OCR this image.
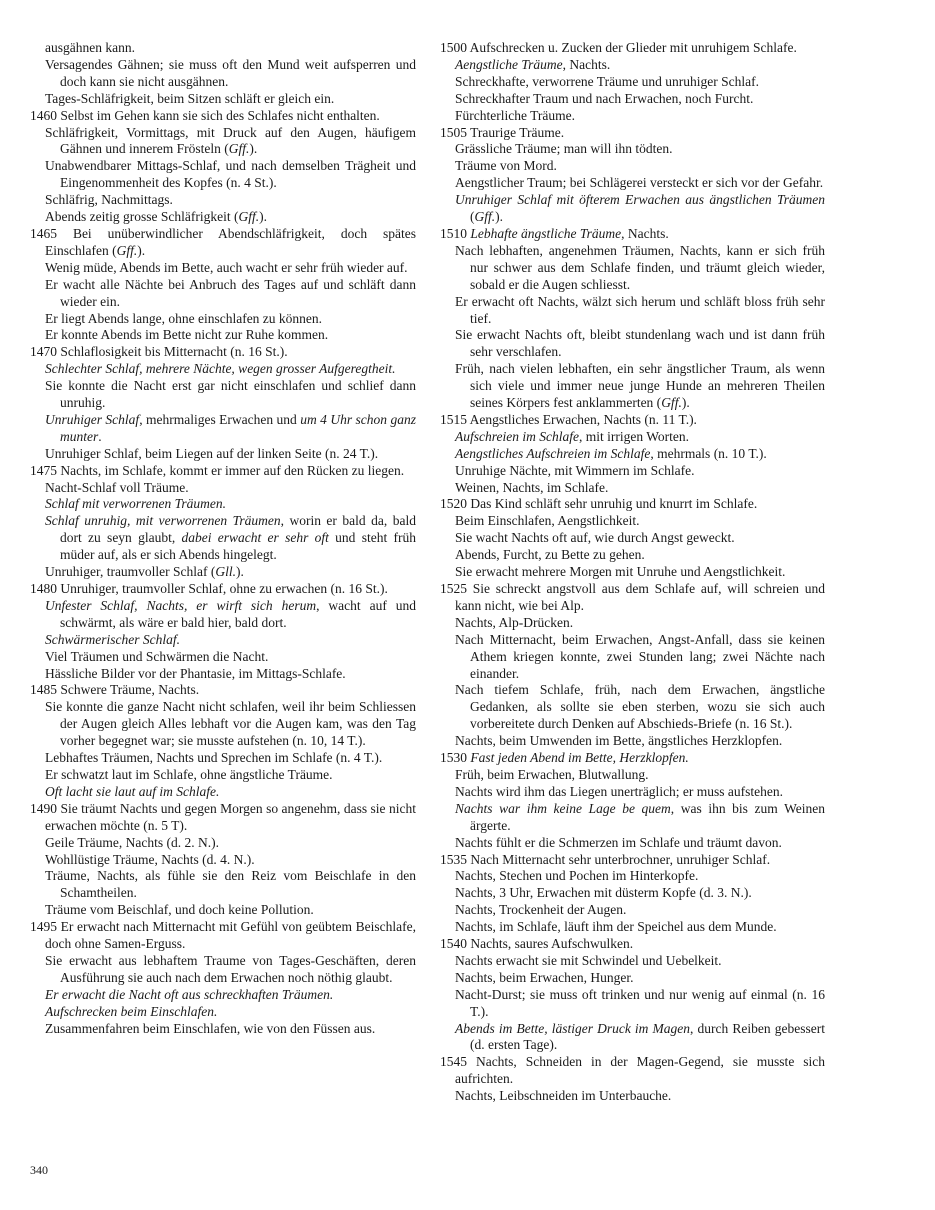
ausgähnen kann.

Versagendes Gähnen; sie muss oft den Mund weit aufsperren und doch kann sie nicht ausgähnen.

Tages-Schläfrigkeit, beim Sitzen schläft er gleich ein.

1460 Selbst im Gehen kann sie sich des Schlafes nicht enthalten.

Schläfrigkeit, Vormittags, mit Druck auf den Augen, häufigem Gähnen und innerem Frösteln (Gff.).

Unabwendbarer Mittags-Schlaf, und nach demselben Trägheit und Eingenommenheit des Kopfes (n. 4 St.).

Schläfrig, Nachmittags.

Abends zeitig grosse Schläfrigkeit (Gff.).

1465 Bei unüberwindlicher Abendschläfrigkeit, doch spätes Einschlafen (Gff.).

Wenig müde, Abends im Bette, auch wacht er sehr früh wieder auf.

Er wacht alle Nächte bei Anbruch des Tages auf und schläft dann wieder ein.

Er liegt Abends lange, ohne einschlafen zu können.

Er konnte Abends im Bette nicht zur Ruhe kommen.

1470 Schlaflosigkeit bis Mitternacht (n. 16 St.).

Schlechter Schlaf, mehrere Nächte, wegen grosser Aufgeregtheit.

Sie konnte die Nacht erst gar nicht einschlafen und schlief dann unruhig.

Unruhiger Schlaf, mehrmaliges Erwachen und um 4 Uhr schon ganz munter.

Unruhiger Schlaf, beim Liegen auf der linken Seite (n. 24 T.).

1475 Nachts, im Schlafe, kommt er immer auf den Rücken zu liegen.

Nacht-Schlaf voll Träume.

Schlaf mit verworrenen Träumen.

Schlaf unruhig, mit verworrenen Träumen, worin er bald da, bald dort zu seyn glaubt, dabei erwacht er sehr oft und steht früh müder auf, als er sich Abends hingelegt.

Unruhiger, traumvoller Schlaf (Gll.).

1480 Unruhiger, traumvoller Schlaf, ohne zu erwachen (n. 16 St.).

Unfester Schlaf, Nachts, er wirft sich herum, wacht auf und schwärmt, als wäre er bald hier, bald dort.

Schwärmerischer Schlaf.

Viel Träumen und Schwärmen die Nacht.

Hässliche Bilder vor der Phantasie, im Mittags-Schlafe.

1485 Schwere Träume, Nachts.

Sie konnte die ganze Nacht nicht schlafen, weil ihr beim Schliessen der Augen gleich Alles lebhaft vor die Augen kam, was den Tag vorher begegnet war; sie musste aufstehen (n. 10, 14 T.).

Lebhaftes Träumen, Nachts und Sprechen im Schlafe (n. 4 T.).

Er schwatzt laut im Schlafe, ohne ängstliche Träume.

Oft lacht sie laut auf im Schlafe.

1490 Sie träumt Nachts und gegen Morgen so angenehm, dass sie nicht erwachen möchte (n. 5 T).

Geile Träume, Nachts (d. 2. N.).

Wohllüstige Träume, Nachts (d. 4. N.).

Träume, Nachts, als fühle sie den Reiz vom Beischlafe in den Schamtheilen.

Träume vom Beischlaf, und doch keine Pollution.

1495 Er erwacht nach Mitternacht mit Gefühl von geübtem Beischlafe, doch ohne Samen-Erguss.

Sie erwacht aus lebhaftem Traume von Tages-Geschäften, deren Ausführung sie auch nach dem Erwachen noch nöthig glaubt.

Er erwacht die Nacht oft aus schreckhaften Träumen.

Aufschrecken beim Einschlafen.

Zusammenfahren beim Einschlafen, wie von den Füssen aus.

1500 Aufschrecken u. Zucken der Glieder mit unruhigem Schlafe.

Aengstliche Träume, Nachts.

Schreckhafte, verworrene Träume und unruhiger Schlaf.

Schreckhafter Traum und nach Erwachen, noch Furcht.

Fürchterliche Träume.

1505 Traurige Träume.

Grässliche Träume; man will ihn tödten.

Träume von Mord.

Aengstlicher Traum; bei Schlägerei versteckt er sich vor der Gefahr.

Unruhiger Schlaf mit öfterem Erwachen aus ängstlichen Träumen (Gff.).

1510 Lebhafte ängstliche Träume, Nachts.

Nach lebhaften, angenehmen Träumen, Nachts, kann er sich früh nur schwer aus dem Schlafe finden, und träumt gleich wieder, sobald er die Augen schliesst.

Er erwacht oft Nachts, wälzt sich herum und schläft bloss früh sehr tief.

Sie erwacht Nachts oft, bleibt stundenlang wach und ist dann früh sehr verschlafen.

Früh, nach vielen lebhaften, ein sehr ängstlicher Traum, als wenn sich viele und immer neue junge Hunde an mehreren Theilen seines Körpers fest anklammerten (Gff.).

1515 Aengstliches Erwachen, Nachts (n. 11 T.).

Aufschreien im Schlafe, mit irrigen Worten.

Aengstliches Aufschreien im Schlafe, mehrmals (n. 10 T.).

Unruhige Nächte, mit Wimmern im Schlafe.

Weinen, Nachts, im Schlafe.

1520 Das Kind schläft sehr unruhig und knurrt im Schlafe.

Beim Einschlafen, Aengstlichkeit.

Sie wacht Nachts oft auf, wie durch Angst geweckt.

Abends, Furcht, zu Bette zu gehen.

Sie erwacht mehrere Morgen mit Unruhe und Aengstlichkeit.

1525 Sie schreckt angstvoll aus dem Schlafe auf, will schreien und kann nicht, wie bei Alp.

Nachts, Alp-Drücken.

Nach Mitternacht, beim Erwachen, Angst-Anfall, dass sie keinen Athem kriegen konnte, zwei Stunden lang; zwei Nächte nach einander.

Nach tiefem Schlafe, früh, nach dem Erwachen, ängstliche Gedanken, als sollte sie eben sterben, wozu sie sich auch vorbereitete durch Denken auf Abschieds-Briefe (n. 16 St.).

Nachts, beim Umwenden im Bette, ängstliches Herzklopfen.

1530 Fast jeden Abend im Bette, Herzklopfen.

Früh, beim Erwachen, Blutwallung.

Nachts wird ihm das Liegen unerträglich; er muss aufstehen.

Nachts war ihm keine Lage be quem, was ihn bis zum Weinen ärgerte.

Nachts fühlt er die Schmerzen im Schlafe und träumt davon.

1535 Nach Mitternacht sehr unterbrochner, unruhiger Schlaf.

Nachts, Stechen und Pochen im Hinterkopfe.

Nachts, 3 Uhr, Erwachen mit düsterm Kopfe (d. 3. N.).

Nachts, Trockenheit der Augen.

Nachts, im Schlafe, läuft ihm der Speichel aus dem Munde.

1540 Nachts, saures Aufschwulken.

Nachts erwacht sie mit Schwindel und Uebelkeit.

Nachts, beim Erwachen, Hunger.

Nacht-Durst; sie muss oft trinken und nur wenig auf einmal (n. 16 T.).

Abends im Bette, lästiger Druck im Magen, durch Reiben gebessert (d. ersten Tage).

1545 Nachts, Schneiden in der Magen-Gegend, sie musste sich aufrichten.

Nachts, Leibschneiden im Unterbauche.

340
